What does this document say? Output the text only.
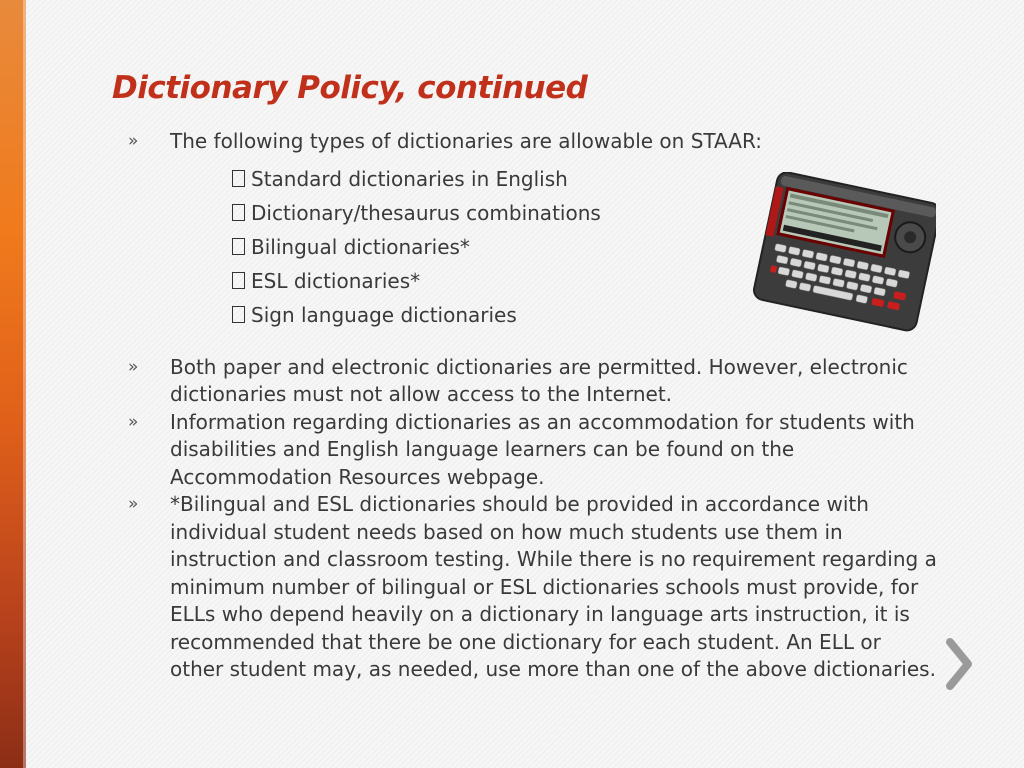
Dictionary Policy, continued
»	The following types of dictionaries are allowable on STAAR:
Standard dictionaries in English
Dictionary/thesaurus combinations
Bilingual dictionaries*
ESL dictionaries*
Sign language dictionaries
»	Both paper and electronic dictionaries are permitted. However, electronic dictionaries must not allow access to the Internet.
»	Information regarding dictionaries as an accommodation for students with disabilities and English language learners can be found on the Accommodation Resources webpage.
»	*Bilingual and ESL dictionaries should be provided in accordance with individual student needs based on how much students use them in instruction and classroom testing. While there is no requirement regarding a minimum number of bilingual or ESL dictionaries schools must provide, for ELLs who depend heavily on a dictionary in language arts instruction, it is recommended that there be one dictionary for each student. An ELL or other student may, as needed, use more than one of the above dictionaries.
